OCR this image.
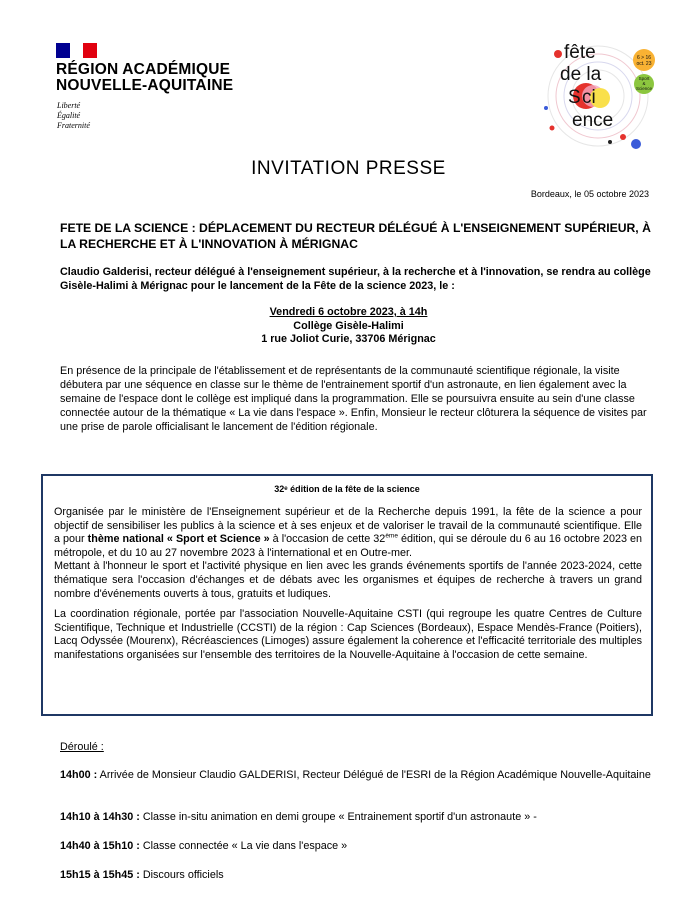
RÉGION ACADÉMIQUE
NOUVELLE-AQUITAINE
Liberté
Égalité
Fraternité
fête
de la
S ci
ence
6 > 16
oct. 23
Sport
&
Science
INVITATION PRESSE
Bordeaux, le 05 octobre 2023
FETE DE LA SCIENCE : DÉPLACEMENT DU RECTEUR DÉLÉGUÉ À L'ENSEIGNEMENT SUPÉRIEUR, À LA RECHERCHE ET À L'INNOVATION À MÉRIGNAC
Claudio Galderisi, recteur délégué à l'enseignement supérieur, à la recherche et à l'innovation, se rendra au collège Gisèle-Halimi à Mérignac pour le lancement de la Fête de la science 2023, le :
Vendredi 6 octobre 2023, à 14h
Collège Gisèle-Halimi
1 rue Joliot Curie, 33706 Mérignac
En présence de la principale de l'établissement et de représentants de la communauté scientifique régionale, la visite débutera par une séquence en classe sur le thème de l'entrainement sportif d'un astronaute, en lien également avec la semaine de l'espace dont le collège est impliqué dans la programmation. Elle se poursuivra ensuite au sein d'une classe connectée autour de la thématique « La vie dans l'espace ». Enfin, Monsieur le recteur clôturera la séquence de visites par une prise de parole officialisant le lancement de l'édition régionale.
32ᵉ édition de la fête de la science

Organisée par le ministère de l'Enseignement supérieur et de la Recherche depuis 1991, la fête de la science a pour objectif de sensibiliser les publics à la science et à ses enjeux et de valoriser le travail de la communauté scientifique. Elle a pour thème national « Sport et Science » à l'occasion de cette 32ème édition, qui se déroule du 6 au 16 octobre 2023 en métropole, et du 10 au 27 novembre 2023 à l'international et en Outre-mer.

Mettant à l'honneur le sport et l'activité physique en lien avec les grands événements sportifs de l'année 2023-2024, cette thématique sera l'occasion d'échanges et de débats avec les organismes et équipes de recherche à travers un grand nombre d'événements ouverts à tous, gratuits et ludiques.

La coordination régionale, portée par l'association Nouvelle-Aquitaine CSTI (qui regroupe les quatre Centres de Culture Scientifique, Technique et Industrielle (CCSTI) de la région : Cap Sciences (Bordeaux), Espace Mendès-France (Poitiers), Lacq Odyssée (Mourenx), Récréasciences (Limoges) assure également la coherence et l'efficacité territoriale des multiples manifestations organisées sur l'ensemble des territoires de la Nouvelle-Aquitaine à l'occasion de cette semaine.

Déroulé :
14h00 : Arrivée de Monsieur Claudio GALDERISI, Recteur Délégué de l'ESRI de la Région Académique Nouvelle-Aquitaine
14h10 à 14h30 : Classe in-situ animation en demi groupe « Entrainement sportif d'un astronaute » -
14h40 à 15h10 : Classe connectée « La vie dans l'espace »
15h15 à 15h45 : Discours officiels
